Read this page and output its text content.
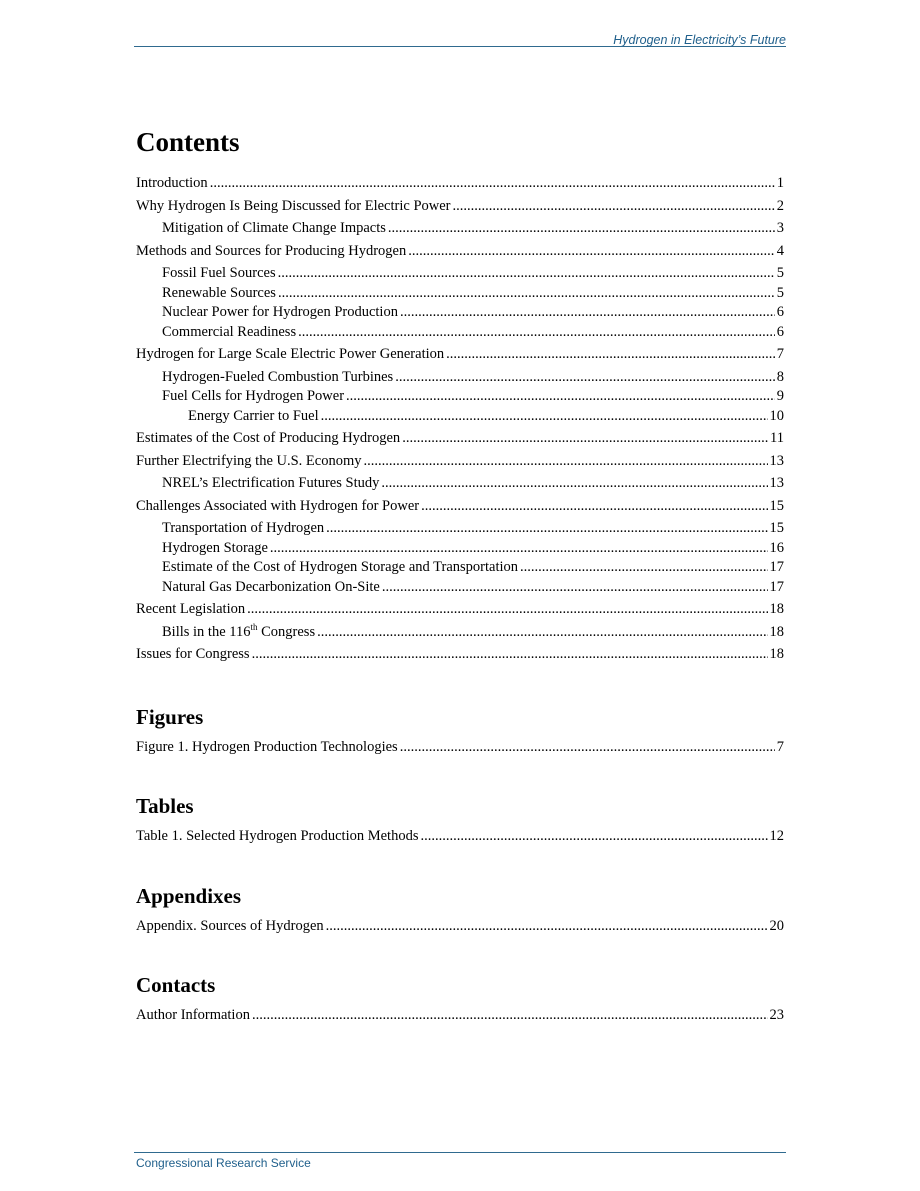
Hydrogen in Electricity’s Future
Contents
Introduction .....	1
Why Hydrogen Is Being Discussed for Electric Power .....	2
Mitigation of Climate Change Impacts .....	3
Methods and Sources for Producing Hydrogen .....	4
Fossil Fuel Sources .....	5
Renewable Sources .....	5
Nuclear Power for Hydrogen Production .....	6
Commercial Readiness .....	6
Hydrogen for Large Scale Electric Power Generation .....	7
Hydrogen-Fueled Combustion Turbines .....	8
Fuel Cells for Hydrogen Power .....	9
Energy Carrier to Fuel .....	10
Estimates of the Cost of Producing Hydrogen .....	11
Further Electrifying the U.S. Economy .....	13
NREL’s Electrification Futures Study .....	13
Challenges Associated with Hydrogen for Power .....	15
Transportation of Hydrogen .....	15
Hydrogen Storage .....	16
Estimate of the Cost of Hydrogen Storage and Transportation .....	17
Natural Gas Decarbonization On-Site .....	17
Recent Legislation .....	18
Bills in the 116th Congress .....	18
Issues for Congress .....	18
Figures
Figure 1. Hydrogen Production Technologies .....	7
Tables
Table 1. Selected Hydrogen Production Methods .....	12
Appendixes
Appendix. Sources of Hydrogen .....	20
Contacts
Author Information .....	23
Congressional Research Service
